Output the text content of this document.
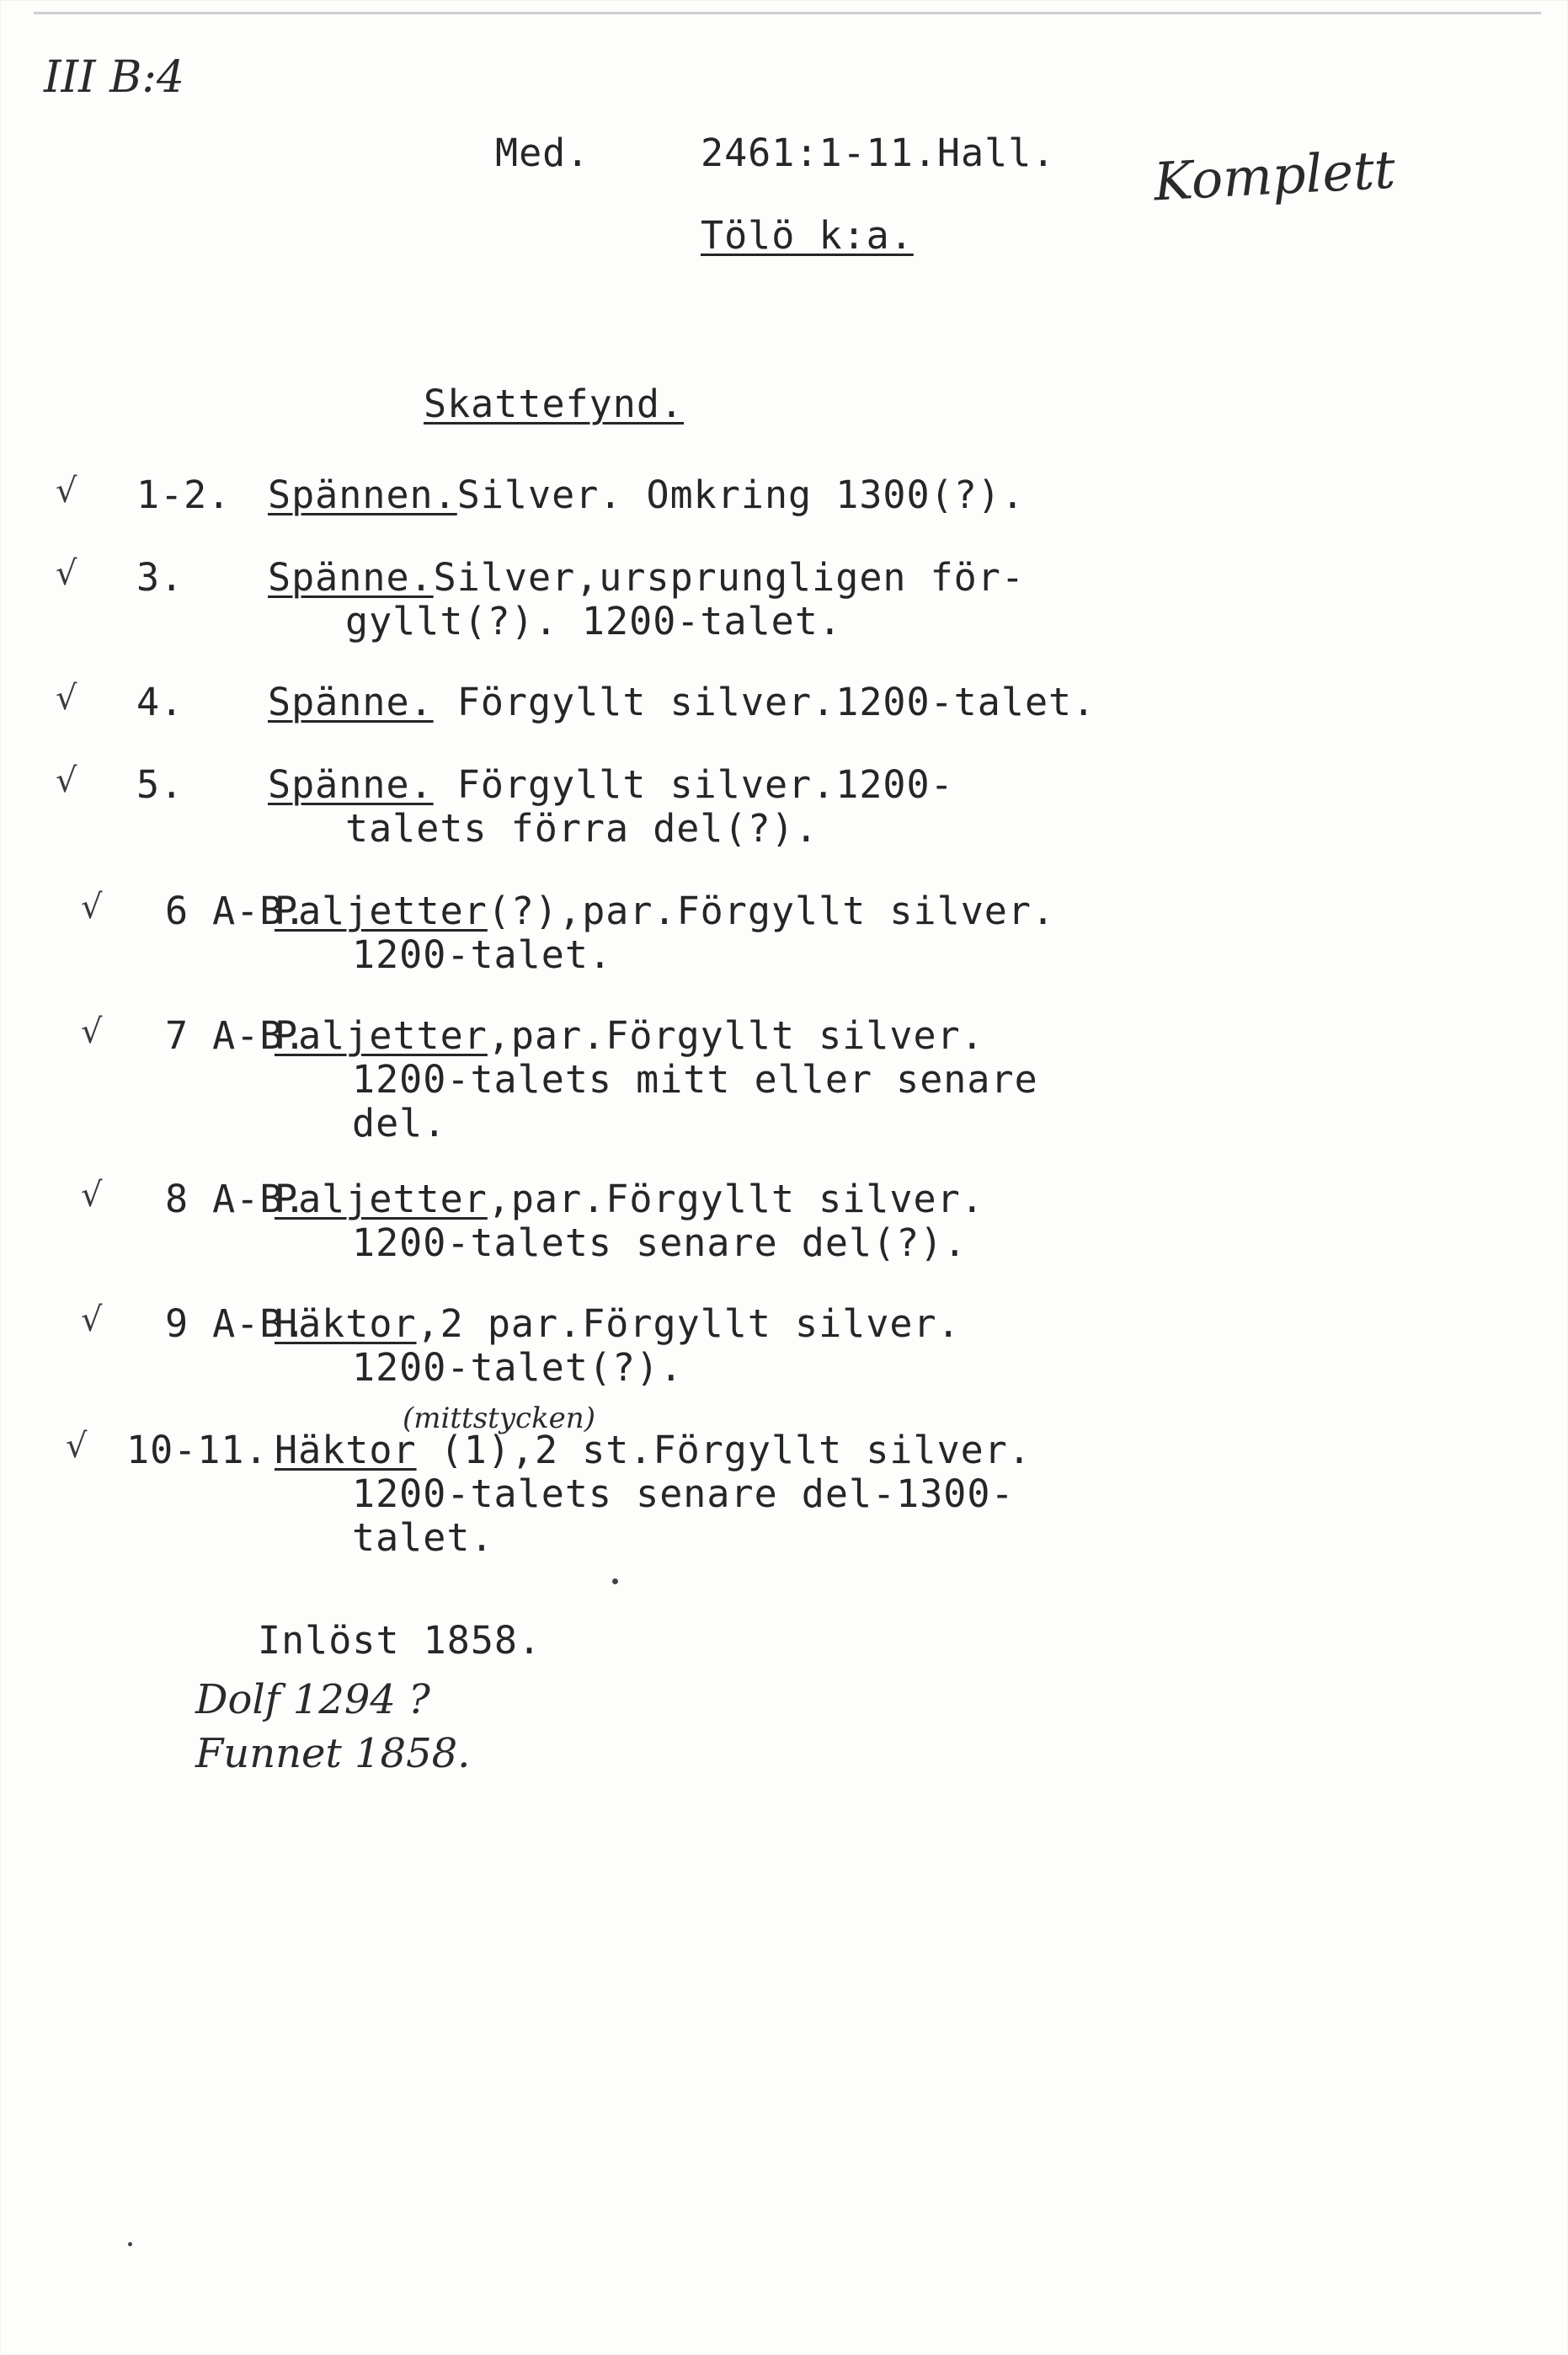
III B:4
Med.	2461:1-11.Hall. Komplett
Tölö k:a.
Skattefynd.
√ 1-2. Spännen.Silver. Omkring 1300(?).
√ 3. Spänne.Silver,ursprungligen för-
gyllt(?). 1200-talet.
√ 4. Spänne. Förgyllt silver.1200-talet.
√ 5. Spänne. Förgyllt silver.1200-
talets förra del(?).
√ 6 A-B.
Paljetter(?),par.Förgyllt silver.
1200-talet.
√ 7 A-B.
Paljetter,par.Förgyllt silver.
1200-talets mitt eller senare
del.
√ 8 A-B.
Paljetter,par.Förgyllt silver.
1200-talets senare del(?).
√ 9 A-B.
Häktor,2 par.Förgyllt silver.
1200-talet(?).
√ 10-11. Häktor (1),2 st.Förgyllt silver.
1200-talets senare del-1300-
talet.
(mittstycken)
Inlöst 1858.
Dolf 1294 ?
Funnet 1858.
